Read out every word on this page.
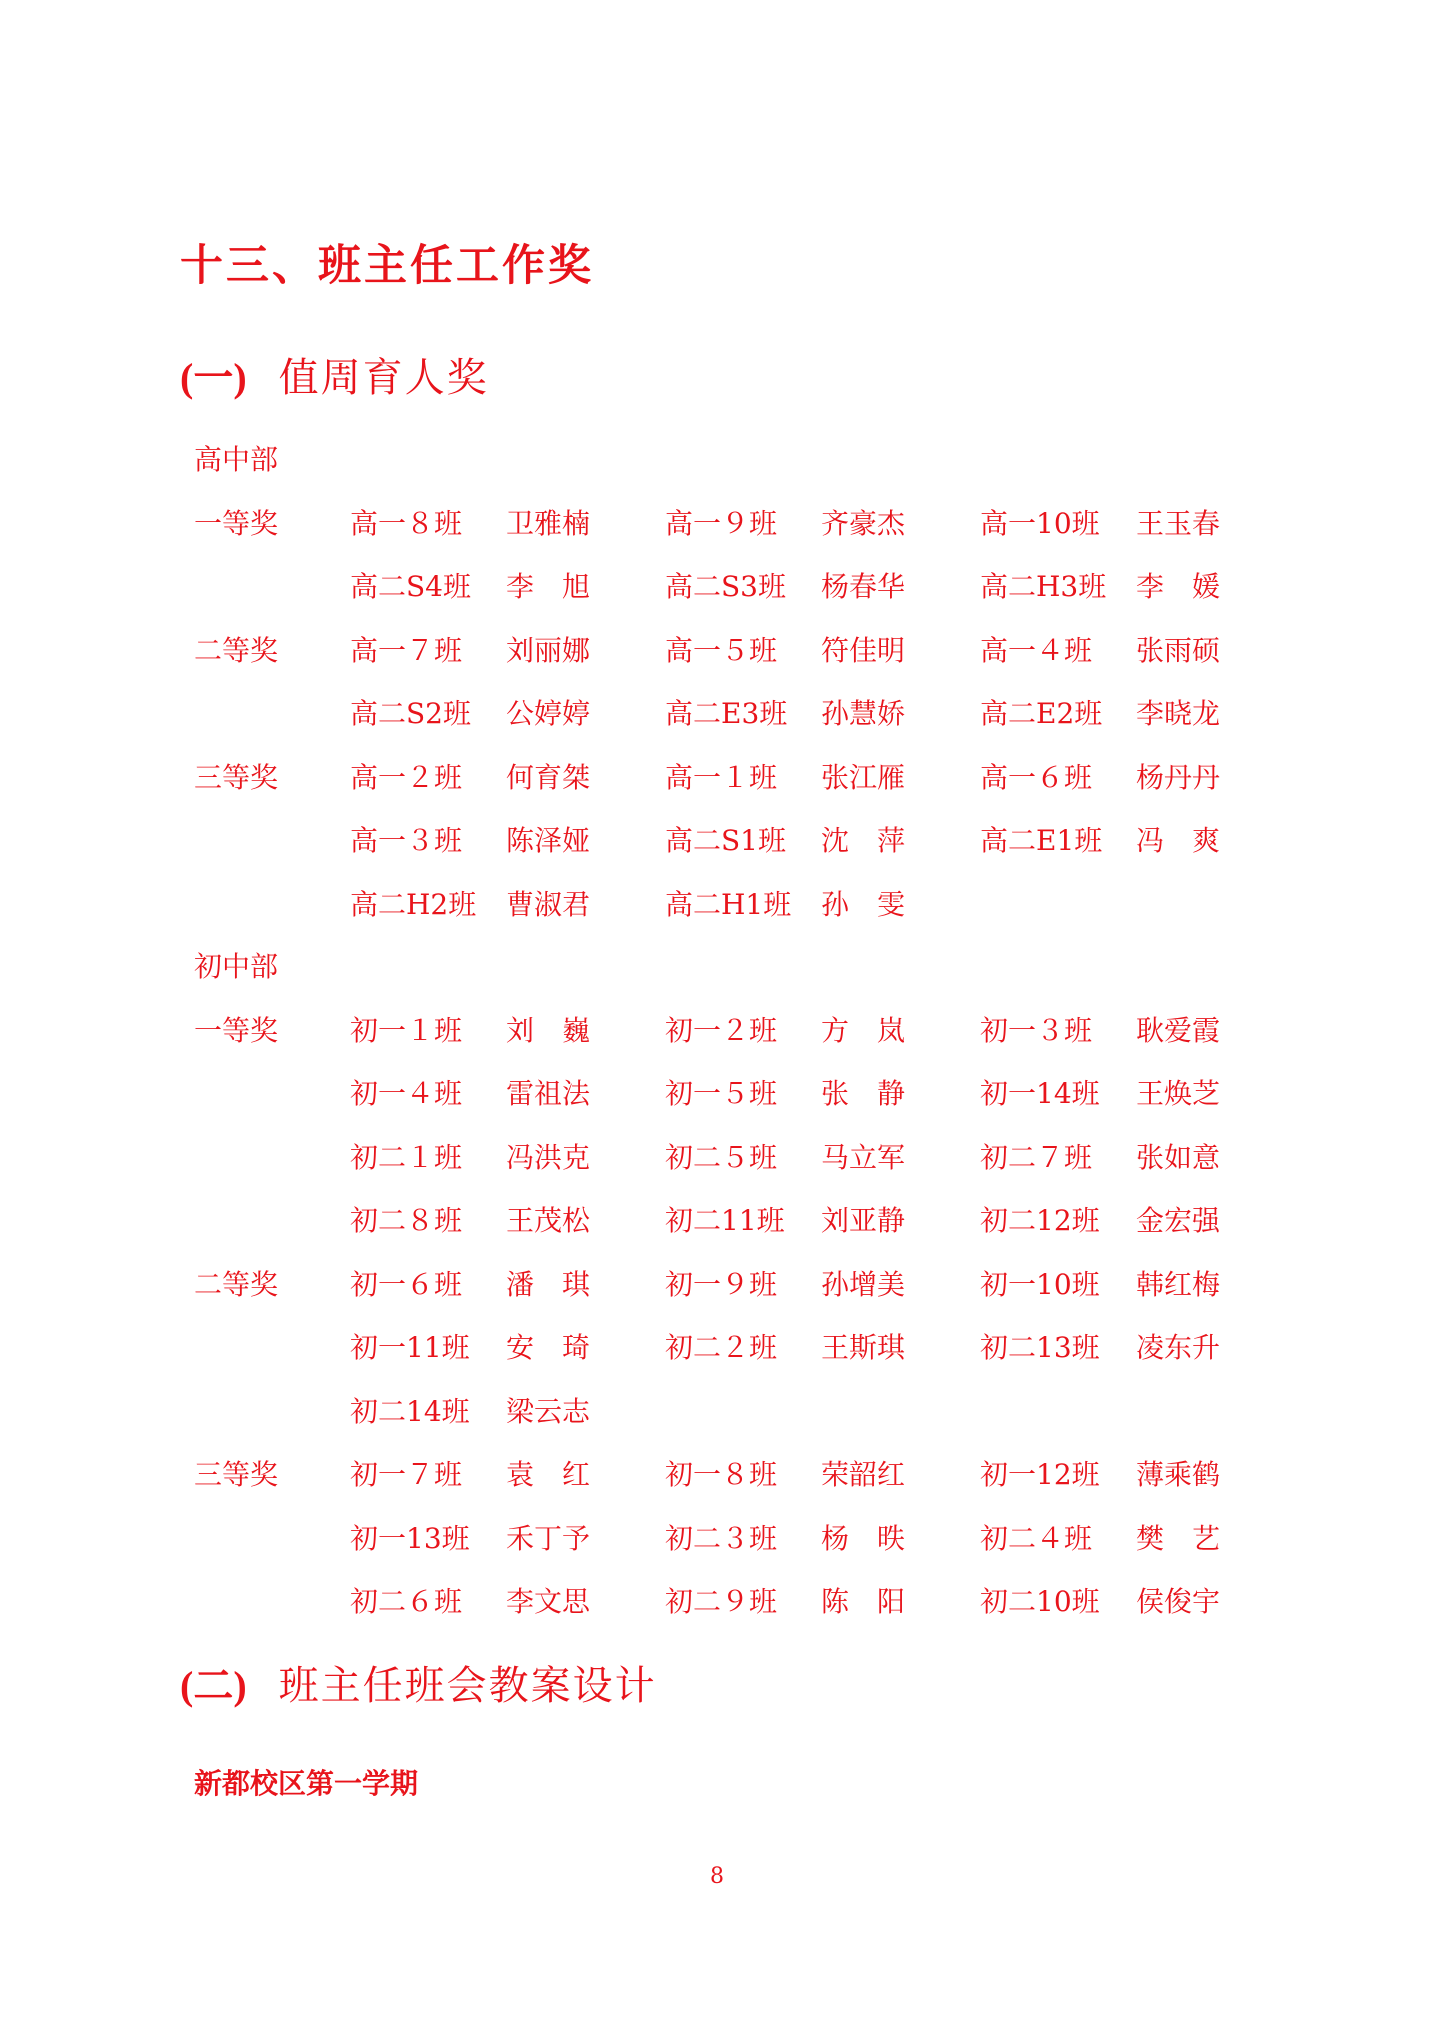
十三、班主任工作奖
(一) 值周育人奖
高中部
一等奖	高一８班 卫雅楠	高一９班 齐豪杰	高一10班 王玉春
高二S4班 李　旭	高二S3班 杨春华	高二H3班 李　媛
二等奖	高一７班 刘丽娜	高一５班 符佳明	高一４班 张雨硕
高二S2班 公婷婷	高二E3班 孙慧娇	高二E2班 李晓龙
三等奖	高一２班 何育桀	高一１班 张江雁	高一６班 杨丹丹
高一３班 陈泽娅	高二S1班 沈　萍	高二E1班 冯　爽
高二H2班 曹淑君	高二H1班 孙　雯
初中部
一等奖	初一１班 刘　巍	初一２班 方　岚	初一３班 耿爱霞
初一４班 雷祖法	初一５班 张　静	初一14班 王焕芝
初二１班 冯洪克	初二５班 马立军	初二７班 张如意
初二８班 王茂松	初二11班 刘亚静	初二12班 金宏强
二等奖	初一６班 潘　琪	初一９班 孙增美	初一10班 韩红梅
初一11班 安　琦	初二２班 王斯琪	初二13班 凌东升
初二14班 梁云志
三等奖	初一７班 袁　红	初一８班 荣韶红	初一12班 薄乘鹤
初一13班 禾丁予	初二３班 杨　昳	初二４班 樊　艺
初二６班 李文思	初二９班 陈　阳	初二10班 侯俊宇
(二) 班主任班会教案设计
新都校区第一学期
8
